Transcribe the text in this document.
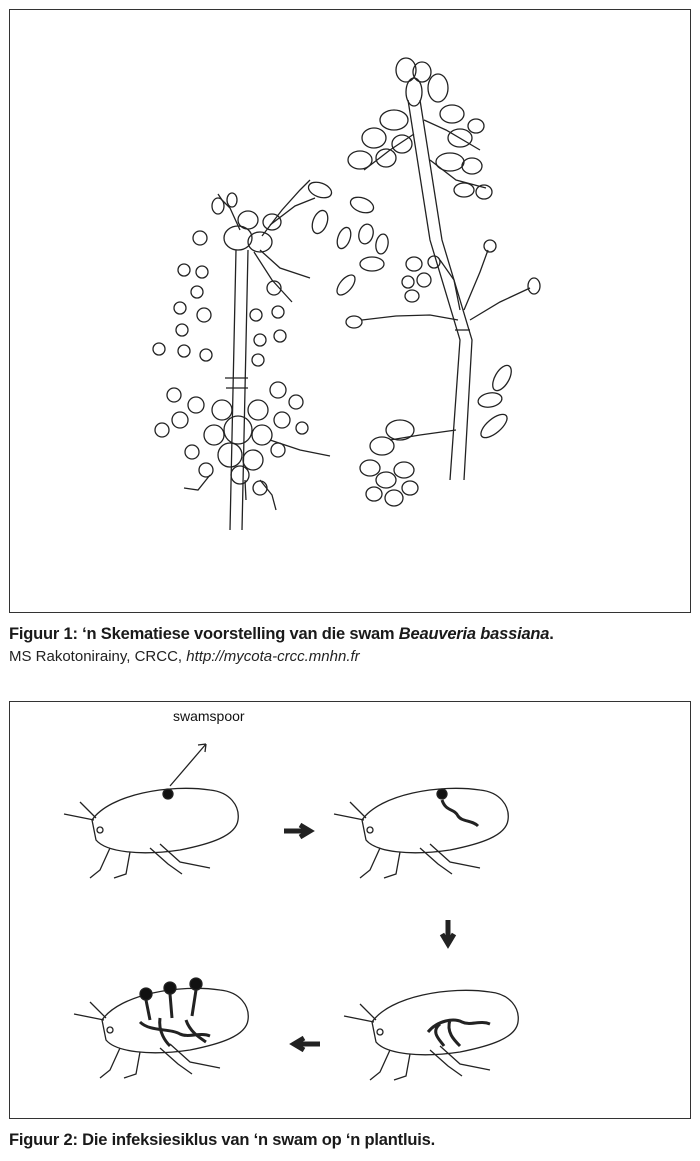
Figuur 1: ‘n Skematiese voorstelling van die swam Beauveria bassiana.
MS Rakotonirainy, CRCC, http://mycota-crcc.mnhn.fr
swamspoor
Figuur 2: Die infeksiesiklus van ‘n swam op ‘n plantluis.
